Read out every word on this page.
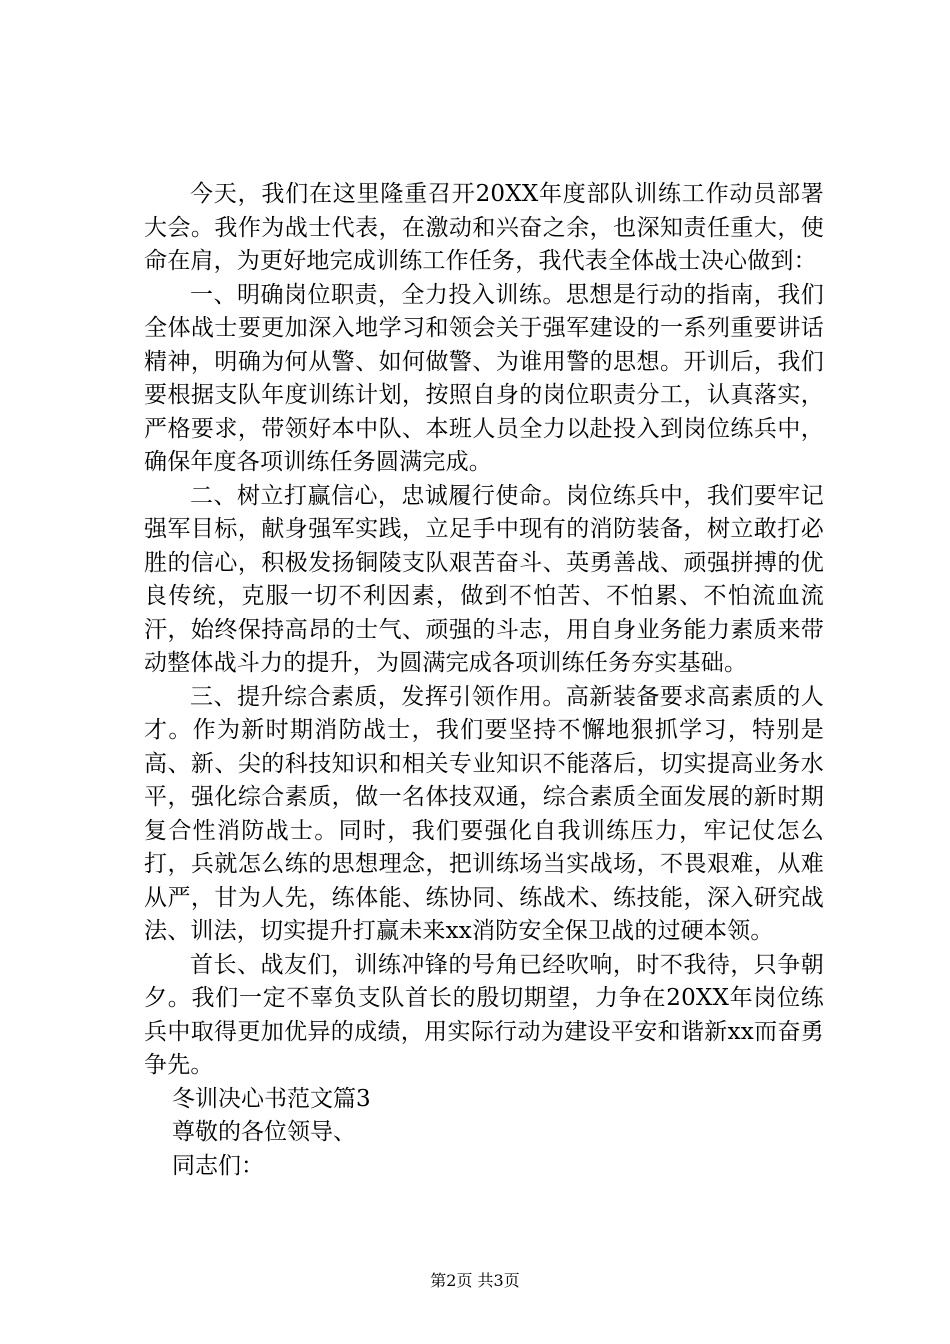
今天，我们在这里隆重召开20XX年度部队训练工作动员部署大会。我作为战士代表，在激动和兴奋之余，也深知责任重大，使命在肩，为更好地完成训练工作任务，我代表全体战士决心做到：

一、明确岗位职责，全力投入训练。思想是行动的指南，我们全体战士要更加深入地学习和领会关于强军建设的一系列重要讲话精神，明确为何从警、如何做警、为谁用警的思想。开训后，我们要根据支队年度训练计划，按照自身的岗位职责分工，认真落实，严格要求，带领好本中队、本班人员全力以赴投入到岗位练兵中，确保年度各项训练任务圆满完成。

二、树立打赢信心，忠诚履行使命。岗位练兵中，我们要牢记强军目标，献身强军实践，立足手中现有的消防装备，树立敢打必胜的信心，积极发扬铜陵支队艰苦奋斗、英勇善战、顽强拼搏的优良传统，克服一切不利因素，做到不怕苦、不怕累、不怕流血流汗，始终保持高昂的士气、顽强的斗志，用自身业务能力素质来带动整体战斗力的提升，为圆满完成各项训练任务夯实基础。

三、提升综合素质，发挥引领作用。高新装备要求高素质的人才。作为新时期消防战士，我们要坚持不懈地狠抓学习，特别是高、新、尖的科技知识和相关专业知识不能落后，切实提高业务水平，强化综合素质，做一名体技双通，综合素质全面发展的新时期复合性消防战士。同时，我们要强化自我训练压力，牢记仗怎么打，兵就怎么练的思想理念，把训练场当实战场，不畏艰难，从难从严，甘为人先，练体能、练协同、练战术、练技能，深入研究战法、训法，切实提升打赢未来xx消防安全保卫战的过硬本领。

首长、战友们，训练冲锋的号角已经吹响，时不我待，只争朝夕。我们一定不辜负支队首长的殷切期望，力争在20XX年岗位练兵中取得更加优异的成绩，用实际行动为建设平安和谐新xx而奋勇争先。

冬训决心书范文篇3

尊敬的各位领导、

同志们：

第2页 共3页
